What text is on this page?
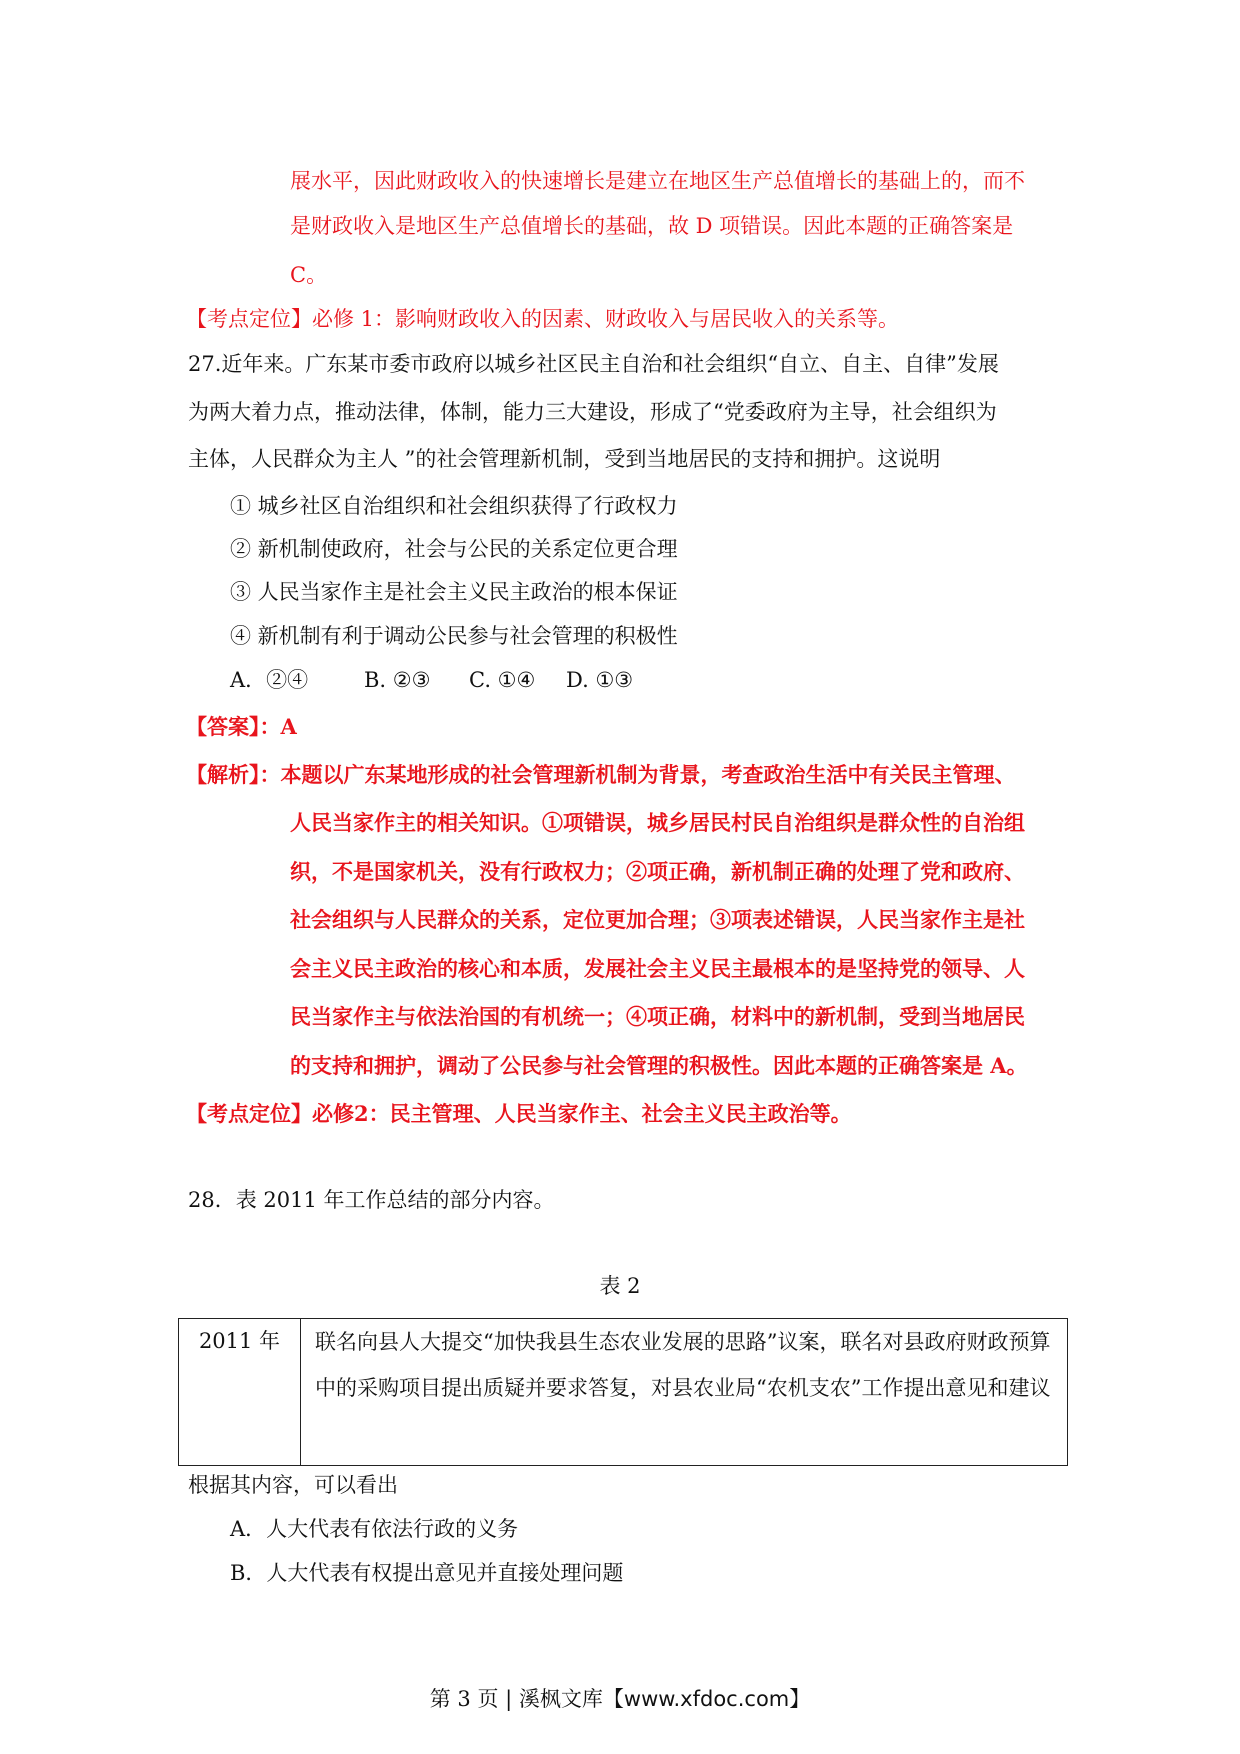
展水平，因此财政收入的快速增长是建立在地区生产总值增长的基础上的，而不
是财政收入是地区生产总值增长的基础，故 D 项错误。因此本题的正确答案是
C。
【考点定位】必修 1：影响财政收入的因素、财政收入与居民收入的关系等。
27.近年来。广东某市委市政府以城乡社区民主自治和社会组织“自立、自主、自律”发展
为两大着力点，推动法律，体制，能力三大建设，形成了“党委政府为主导，社会组织为
主体，人民群众为主人 ”的社会管理新机制，受到当地居民的支持和拥护。这说明
① 城乡社区自治组织和社会组织获得了行政权力
② 新机制使政府，社会与公民的关系定位更合理
③ 人民当家作主是社会主义民主政治的根本保证
④ 新机制有利于调动公民参与社会管理的积极性
A．②④	B. ②③ C. ①④ D. ①③
【答案】：A
【解析】：本题以广东某地形成的社会管理新机制为背景，考查政治生活中有关民主管理、
人民当家作主的相关知识。①项错误，城乡居民村民自治组织是群众性的自治组
织，不是国家机关，没有行政权力；②项正确，新机制正确的处理了党和政府、
社会组织与人民群众的关系，定位更加合理；③项表述错误，人民当家作主是社
会主义民主政治的核心和本质，发展社会主义民主最根本的是坚持党的领导、人
民当家作主与依法治国的有机统一；④项正确，材料中的新机制，受到当地居民
的支持和拥护，调动了公民参与社会管理的积极性。因此本题的正确答案是 A。
【考点定位】必修2：民主管理、人民当家作主、社会主义民主政治等。
28．表 2011 年工作总结的部分内容。
表 2
2011 年	联名向县人大提交“加快我县生态农业发展的思路”议案，联名对县政府财政预算中的采购项目提出质疑并要求答复，对县农业局“农机支农”工作提出意见和建议
根据其内容，可以看出
A．人大代表有依法行政的义务
B．人大代表有权提出意见并直接处理问题
第 3 页 | 溪枫文库【www.xfdoc.com】
